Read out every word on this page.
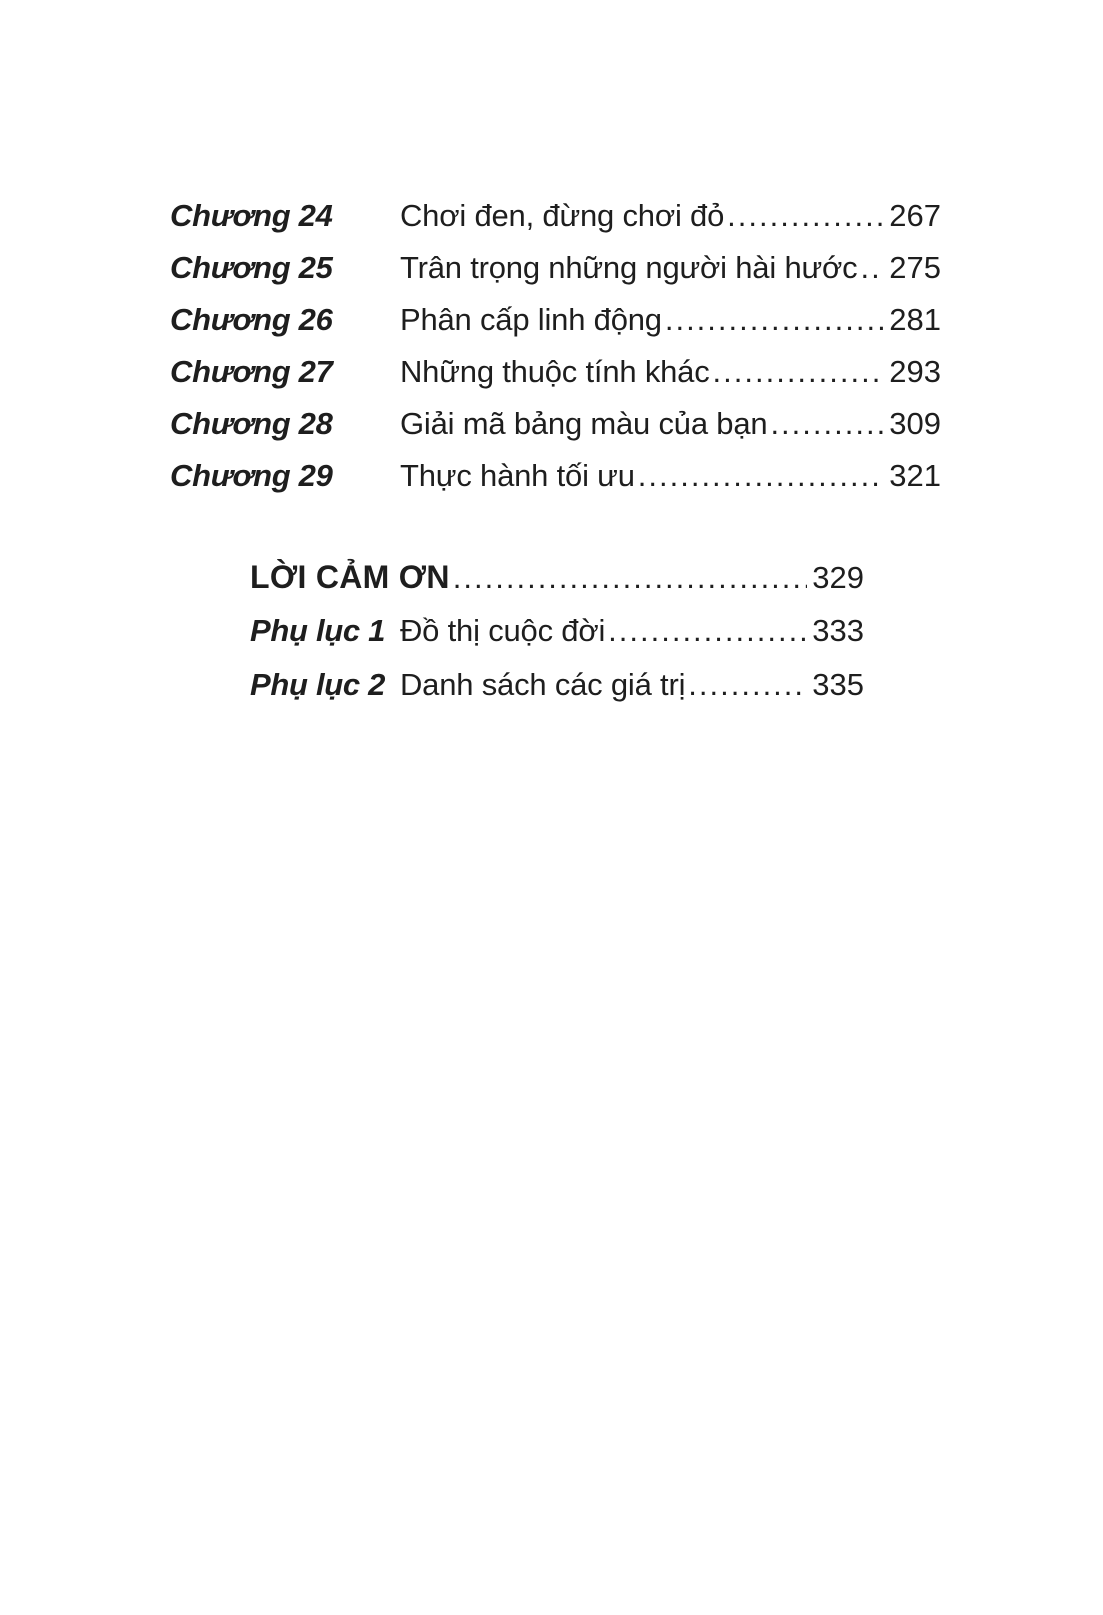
Chương 24	Chơi đen, đừng chơi đỏ .....	267
Chương 25	Trân trọng những người hài hước ..... 275
Chương 26	Phân cấp linh động .....	281
Chương 27	Những thuộc tính khác .....	293
Chương 28	Giải mã bảng màu của bạn .....	309
Chương 29	Thực hành tối ưu .....	321
LỜI CẢM ƠN .....	329
Phụ lục 1 Đồ thị cuộc đời .....	333
Phụ lục 2 Danh sách các giá trị .....	335
